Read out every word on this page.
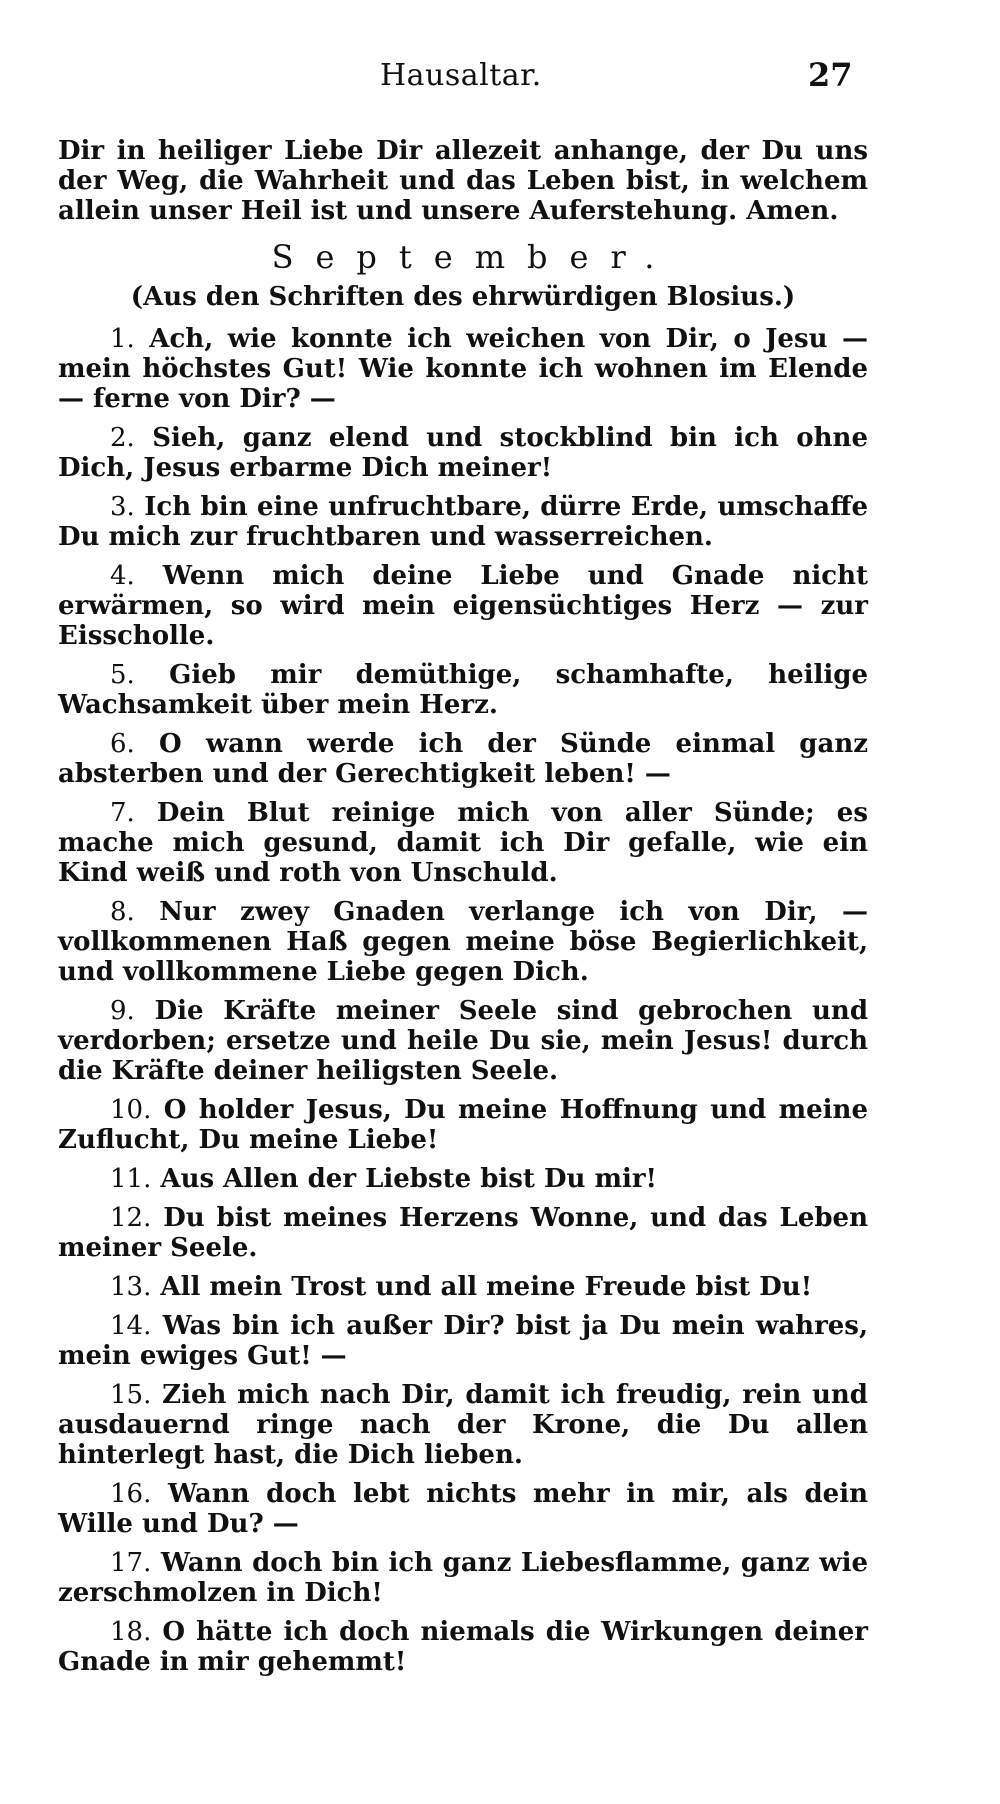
Hausaltar.	27

Dir in heiliger Liebe Dir allezeit anhange, der Du uns der Weg, die Wahrheit und das Leben bist, in welchem allein unser Heil ist und unsere Auferstehung. Amen.

September.
(Aus den Schriften des ehrwürdigen Blosius.)

1. Ach, wie konnte ich weichen von Dir, o Jesu — mein höchstes Gut! Wie konnte ich wohnen im Elende — ferne von Dir? —

2. Sieh, ganz elend und stockblind bin ich ohne Dich, Jesus erbarme Dich meiner!

3. Ich bin eine unfruchtbare, dürre Erde, umschaffe Du mich zur fruchtbaren und wasserreichen.

4. Wenn mich deine Liebe und Gnade nicht erwärmen, so wird mein eigensüchtiges Herz — zur Eisscholle.

5. Gieb mir demüthige, schamhafte, heilige Wachsamkeit über mein Herz.

6. O wann werde ich der Sünde einmal ganz absterben und der Gerechtigkeit leben! —

7. Dein Blut reinige mich von aller Sünde; es mache mich gesund, damit ich Dir gefalle, wie ein Kind weiß und roth von Unschuld.

8. Nur zwey Gnaden verlange ich von Dir, — vollkommenen Haß gegen meine böse Begierlichkeit, und vollkommene Liebe gegen Dich.

9. Die Kräfte meiner Seele sind gebrochen und verdorben; ersetze und heile Du sie, mein Jesus! durch die Kräfte deiner heiligsten Seele.

10. O holder Jesus, Du meine Hoffnung und meine Zuflucht, Du meine Liebe!

11. Aus Allen der Liebste bist Du mir!

12. Du bist meines Herzens Wonne, und das Leben meiner Seele.

13. All mein Trost und all meine Freude bist Du!

14. Was bin ich außer Dir? bist ja Du mein wahres, mein ewiges Gut! —

15. Zieh mich nach Dir, damit ich freudig, rein und ausdauernd ringe nach der Krone, die Du allen hinterlegt hast, die Dich lieben.

16. Wann doch lebt nichts mehr in mir, als dein Wille und Du? —

17. Wann doch bin ich ganz Liebesflamme, ganz wie zerschmolzen in Dich!

18. O hätte ich doch niemals die Wirkungen deiner Gnade in mir gehemmt!
